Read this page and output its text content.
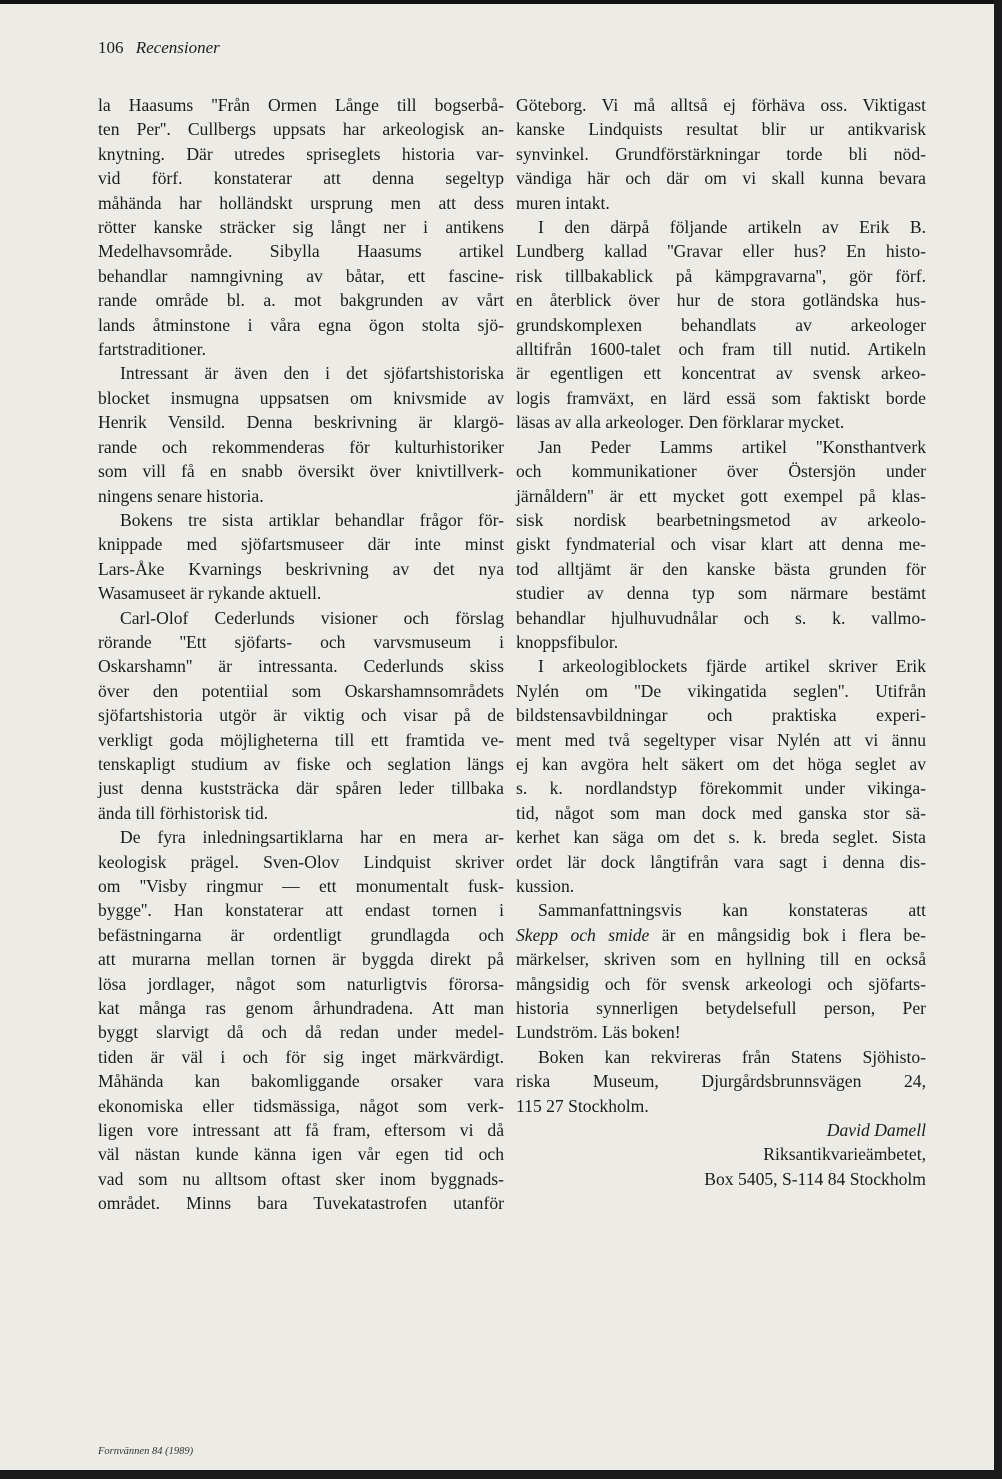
106 Recensioner
la Haasums ''Från Ormen Långe till bogserbå-
ten Per''. Cullbergs uppsats har arkeologisk an-
knytning. Där utredes spriseglets historia var-
vid förf. konstaterar att denna segeltyp
måhända har holländskt ursprung men att dess
rötter kanske sträcker sig långt ner i antikens
Medelhavsområde. Sibylla Haasums artikel
behandlar namngivning av båtar, ett fascine-
rande område bl. a. mot bakgrunden av vårt
lands åtminstone i våra egna ögon stolta sjö-
fartstraditioner.
Intressant är även den i det sjöfartshistoriska
blocket insmugna uppsatsen om knivsmide av
Henrik Vensild. Denna beskrivning är klargö-
rande och rekommenderas för kulturhistoriker
som vill få en snabb översikt över knivtillverk-
ningens senare historia.
Bokens tre sista artiklar behandlar frågor för-
knippade med sjöfartsmuseer där inte minst
Lars-Åke Kvarnings beskrivning av det nya
Wasamuseet är rykande aktuell.
Carl-Olof Cederlunds visioner och förslag
rörande ''Ett sjöfarts- och varvsmuseum i
Oskarshamn'' är intressanta. Cederlunds skiss
över den potentiial som Oskarshamnsområdets
sjöfartshistoria utgör är viktig och visar på de
verkligt goda möjligheterna till ett framtida ve-
tenskapligt studium av fiske och seglation längs
just denna kuststräcka där spåren leder tillbaka
ända till förhistorisk tid.
De fyra inledningsartiklarna har en mera ar-
keologisk prägel. Sven-Olov Lindquist skriver
om ''Visby ringmur — ett monumentalt fusk-
bygge''. Han konstaterar att endast tornen i
befästningarna är ordentligt grundlagda och
att murarna mellan tornen är byggda direkt på
lösa jordlager, något som naturligtvis förorsa-
kat många ras genom århundradena. Att man
byggt slarvigt då och då redan under medel-
tiden är väl i och för sig inget märkvärdigt.
Måhända kan bakomliggande orsaker vara
ekonomiska eller tidsmässiga, något som verk-
ligen vore intressant att få fram, eftersom vi då
väl nästan kunde känna igen vår egen tid och
vad som nu alltsom oftast sker inom byggnads-
området. Minns bara Tuvekatastrofen utanför
Göteborg. Vi må alltså ej förhäva oss. Viktigast
kanske Lindquists resultat blir ur antikvarisk
synvinkel. Grundförstärkningar torde bli nöd-
vändiga här och där om vi skall kunna bevara
muren intakt.
I den därpå följande artikeln av Erik B.
Lundberg kallad ''Gravar eller hus? En histo-
risk tillbakablick på kämpgravarna'', gör förf.
en återblick över hur de stora gotländska hus-
grundskomplexen behandlats av arkeologer
alltifrån 1600-talet och fram till nutid. Artikeln
är egentligen ett koncentrat av svensk arkeo-
logis framväxt, en lärd essä som faktiskt borde
läsas av alla arkeologer. Den förklarar mycket.
Jan Peder Lamms artikel ''Konsthantverk
och kommunikationer över Östersjön under
järnåldern'' är ett mycket gott exempel på klas-
sisk nordisk bearbetningsmetod av arkeolo-
giskt fyndmaterial och visar klart att denna me-
tod alltjämt är den kanske bästa grunden för
studier av denna typ som närmare bestämt
behandlar hjulhuvudnålar och s. k. vallmo-
knoppsfibulor.
I arkeologiblockets fjärde artikel skriver Erik
Nylén om ''De vikingatida seglen''. Utifrån
bildstensavbildningar och praktiska experi-
ment med två segeltyper visar Nylén att vi ännu
ej kan avgöra helt säkert om det höga seglet av
s. k. nordlandstyp förekommit under vikinga-
tid, något som man dock med ganska stor sä-
kerhet kan säga om det s. k. breda seglet. Sista
ordet lär dock långtifrån vara sagt i denna dis-
kussion.
Sammanfattningsvis kan konstateras att
Skepp och smide är en mångsidig bok i flera be-
märkelser, skriven som en hyllning till en också
mångsidig och för svensk arkeologi och sjöfarts-
historia synnerligen betydelsefull person, Per
Lundström. Läs boken!
Boken kan rekvireras från Statens Sjöhisto-
riska Museum, Djurgårdsbrunnsvägen 24,
115 27 Stockholm.
David Damell
Riksantikvarieämbetet,
Box 5405, S-114 84 Stockholm
Fornvännen 84 (1989)
